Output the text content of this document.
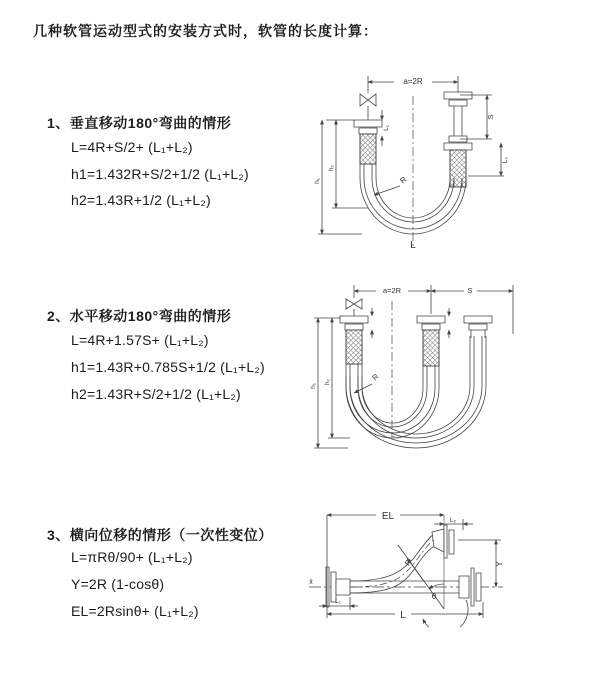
几种软管运动型式的安装方式时，软管的长度计算：
1、垂直移动180°弯曲的情形
L=4R+S/2+ (L₁+L₂)
h1=1.432R+S/2+1/2 (L₁+L₂)
h2=1.43R+1/2 (L₁+L₂)
2、水平移动180°弯曲的情形
L=4R+1.57S+ (L₁+L₂)
h1=1.43R+0.785S+1/2 (L₁+L₂)
h2=1.43R+S/2+1/2 (L₁+L₂)
3、横向位移的情形（一次性变位）
L=πRθ/90+ (L₁+L₂)
Y=2R (1-cosθ)
EL=2Rsinθ+ (L₁+L₂)
a=2R
L₁
S
L₂
h₁
h₂
R
L
a=2R	S
h₁
h₂	R
L
x̄
EL	L₂
Y
R
θ
L
L₁
